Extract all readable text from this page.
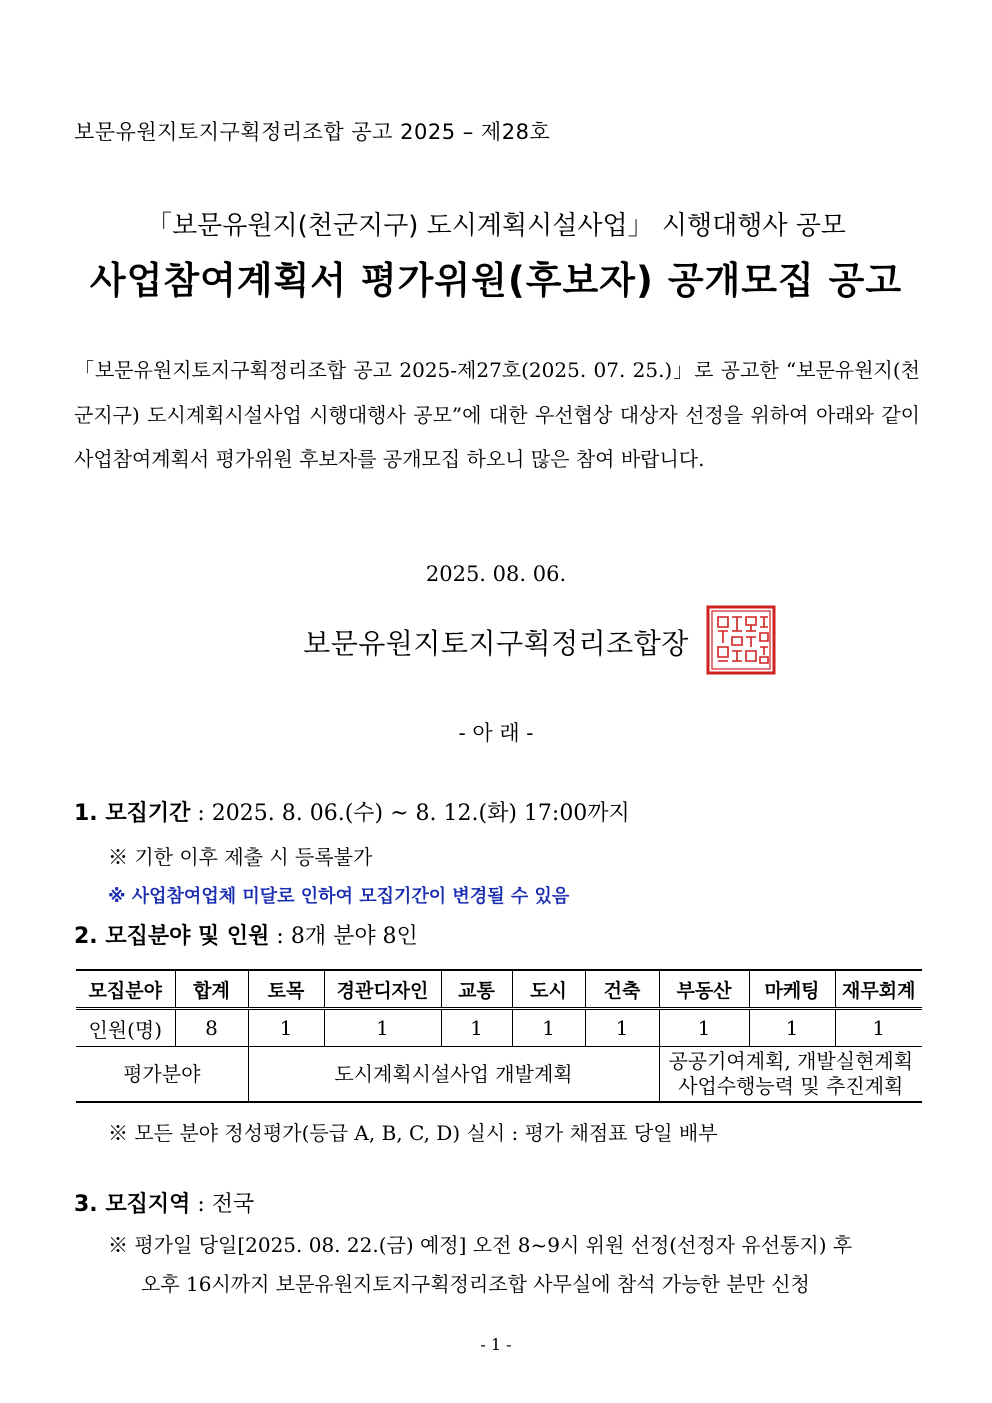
보문유원지토지구획정리조합 공고 2025 – 제28호
「보문유원지(천군지구) 도시계획시설사업」 시행대행사 공모
사업참여계획서 평가위원(후보자) 공개모집 공고

「보문유원지토지구획정리조합 공고 2025-제27호(2025. 07. 25.)」로 공고한 “보문유원지(천군지구) 도시계획시설사업 시행대행사 공모”에 대한 우선협상 대상자 선정을 위하여 아래와 같이 사업참여계획서 평가위원 후보자를 공개모집 하오니 많은 참여 바랍니다.

2025. 08. 06.
보문유원지토지구획정리조합장
- 아 래 -
1. 모집기간 : 2025. 8. 06.(수) ~ 8. 12.(화) 17:00까지
※ 기한 이후 제출 시 등록불가
※ 사업참여업체 미달로 인하여 모집기간이 변경될 수 있음
2. 모집분야 및 인원 : 8개 분야 8인
모집분야	합계	토목	경관디자인	교통	도시	건축	부동산	마케팅	재무회계
인원(명)	8	1	1	1	1	1	1	1	1
평가분야		도시계획시설사업 개발계획					공공기여계획, 개발실현계획
사업수행능력 및 추진계획		
※ 모든 분야 정성평가(등급 A, B, C, D) 실시 : 평가 채점표 당일 배부
3. 모집지역 : 전국
※ 평가일 당일[2025. 08. 22.(금) 예정] 오전 8~9시 위원 선정(선정자 유선통지) 후
오후 16시까지 보문유원지토지구획정리조합 사무실에 참석 가능한 분만 신청
- 1 -
